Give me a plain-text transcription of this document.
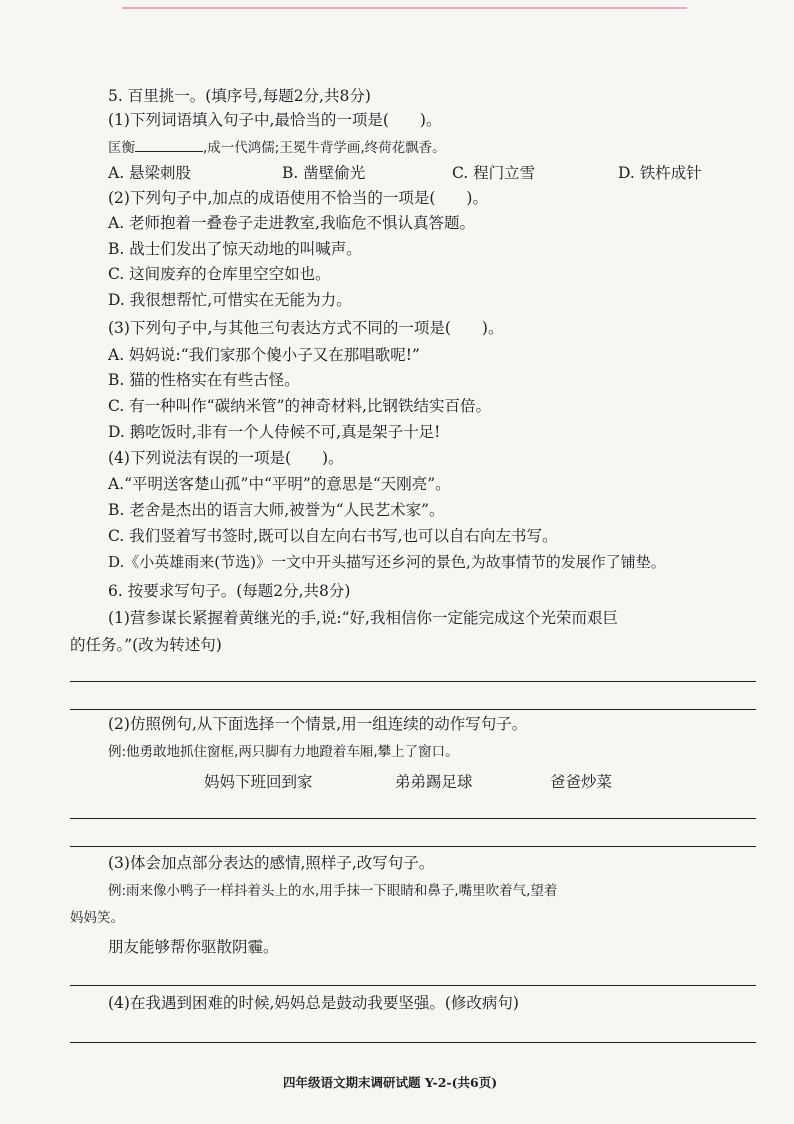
5. 百里挑一。(填序号,每题2分,共8分)
(1)下列词语填入句子中,最恰当的一项是(　　)。
匡衡	,成一代鸿儒;王冕牛背学画,终荷花飘香。
A. 悬梁刺股	B. 凿壁偷光	C. 程门立雪	D. 铁杵成针
(2)下列句子中,加点的成语使用不恰当的一项是(　　)。
A. 老师抱着一叠卷子走进教室,我临危不惧认真答题。
B. 战士们发出了惊天动地的叫喊声。
C. 这间废弃的仓库里空空如也。
D. 我很想帮忙,可惜实在无能为力。
(3)下列句子中,与其他三句表达方式不同的一项是(　　)。
A. 妈妈说:“我们家那个傻小子又在那唱歌呢!”
B. 猫的性格实在有些古怪。
C. 有一种叫作“碳纳米管”的神奇材料,比钢铁结实百倍。
D. 鹅吃饭时,非有一个人侍候不可,真是架子十足!
(4)下列说法有误的一项是(　　)。
A.“平明送客楚山孤”中“平明”的意思是“天刚亮”。
B. 老舍是杰出的语言大师,被誉为“人民艺术家”。
C. 我们竖着写书签时,既可以自左向右书写,也可以自右向左书写。
D.《小英雄雨来(节选)》一文中开头描写还乡河的景色,为故事情节的发展作了铺垫。
6. 按要求写句子。(每题2分,共8分)
(1)营参谋长紧握着黄继光的手,说:“好,我相信你一定能完成这个光荣而艰巨
的任务。”(改为转述句)
(2)仿照例句,从下面选择一个情景,用一组连续的动作写句子。
例:他勇敢地抓住窗框,两只脚有力地蹬着车厢,攀上了窗口。
妈妈下班回到家	弟弟踢足球	爸爸炒菜
(3)体会加点部分表达的感情,照样子,改写句子。
例:雨来像小鸭子一样抖着头上的水,用手抹一下眼睛和鼻子,嘴里吹着气,望着
妈妈笑。
朋友能够帮你驱散阴霾。
(4)在我遇到困难的时候,妈妈总是鼓动我要坚强。(修改病句)
四年级语文期末调研试题 Y-2-(共6页)
